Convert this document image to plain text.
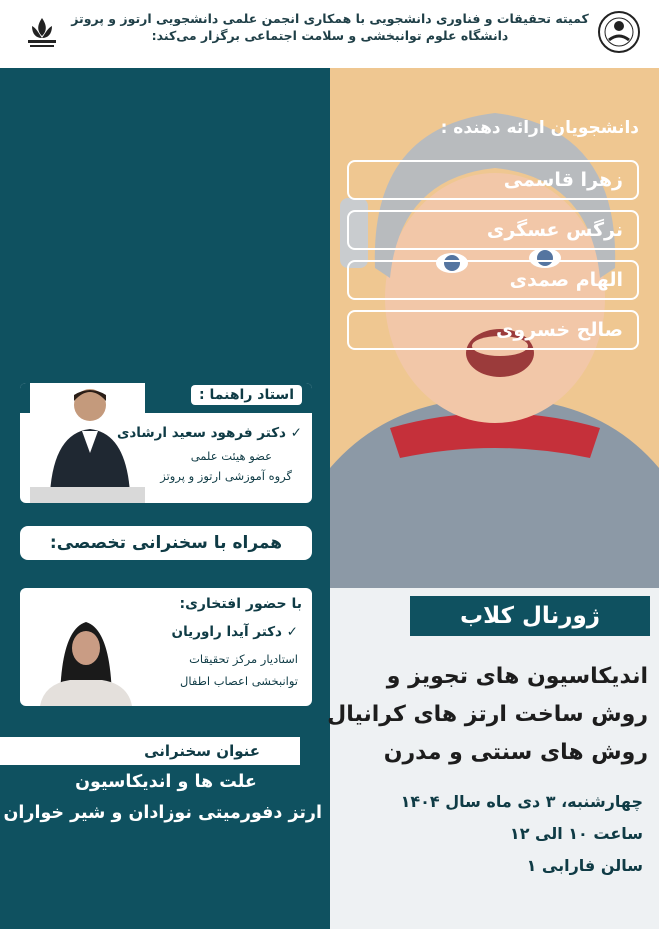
کمیته تحقیقات و فناوری دانشجویی با همکاری انجمن علمی دانشجویی ارتوز و پروتز
دانشگاه علوم توانبخشی و سلامت اجتماعی برگزار می‌کند:
دانشجویان ارائه دهنده :
زهرا قاسمی
نرگس عسگری
الهام صمدی
صالح خسروی
استاد راهنما :
✓ دکتر فرهود سعید ارشادی
عضو هیئت علمی
گروه آموزشی ارتوز و پروتز
همراه با سخنرانی تخصصی:
با حضور افتخاری:
✓ دکتر آیدا راوریان
استادیار مرکز تحقیقات
توانبخشی اعصاب اطفال
عنوان سخنرانی
علت ها و اندیکاسیون
ارتز دفورمیتی نوزادان و شیر خواران
ژورنال کلاب
اندیکاسیون های تجویز و
روش ساخت ارتز های کرانیال
روش های سنتی و مدرن
چهارشنبه، ۳ دی ماه سال ۱۴۰۴
ساعت ۱۰ الی ۱۲
سالن فارابی ۱
